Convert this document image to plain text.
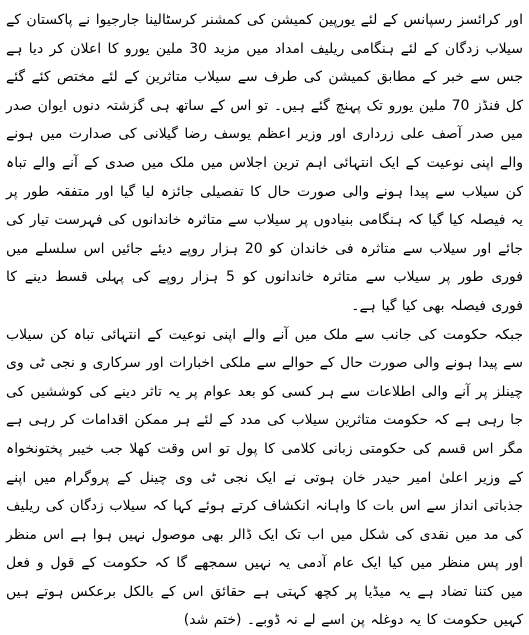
اور کرائسز رسپانس کے لئے یورپین کمیشن کی کمشنر کرسٹالینا جارجیوا نے پاکستان کے سیلاب زدگان کے لئے ہنگامی ریلیف امداد میں مزید 30 ملین یورو کا اعلان کر دیا ہے جس سے خبر کے مطابق کمیشن کی طرف سے سیلاب متاثرین کے لئے مختص کئے گئے کل فنڈز 70 ملین یورو تک پہنچ گئے ہیں۔ تو اس کے ساتھ ہی گزشتہ دنوں ایوان صدر میں صدر آصف علی زرداری اور وزیر اعظم یوسف رضا گیلانی کی صدارت میں ہونے والے اپنی نوعیت کے ایک انتہائی اہم ترین اجلاس میں ملک میں صدی کے آنے والے تباہ کن سیلاب سے پیدا ہونے والی صورت حال کا تفصیلی جائزہ لیا گیا اور متفقہ طور پر یہ فیصلہ کیا گیا کہ ہنگامی بنیادوں پر سیلاب سے متاثرہ خاندانوں کی فہرست تیار کی جائے اور سیلاب سے متاثرہ فی خاندان کو 20 ہزار روپے دیئے جائیں اس سلسلے میں فوری طور پر سیلاب سے متاثرہ خاندانوں کو 5 ہزار روپے کی پہلی قسط دینے کا فوری فیصلہ بھی کیا گیا ہے۔

جبکہ حکومت کی جانب سے ملک میں آنے والے اپنی نوعیت کے انتہائی تباہ کن سیلاب سے پیدا ہونے والی صورت حال کے حوالے سے ملکی اخبارات اور سرکاری و نجی ٹی وی چینلز پر آنے والی اطلاعات سے ہر کسی کو بعد عوام پر یہ تاثر دینے کی کوششیں کی جا رہی ہے کہ حکومت متاثرین سیلاب کی مدد کے لئے ہر ممکن اقدامات کر رہی ہے مگر اس قسم کی حکومتی زبانی کلامی کا پول تو اس وقت کھلا جب خیبر پختونخواہ کے وزیر اعلیٰ امیر حیدر خان ہوتی نے ایک نجی ٹی وی چینل کے پروگرام میں اپنے جذباتی انداز سے اس بات کا واہانہ انکشاف کرتے ہوئے کہا کہ سیلاب زدگان کی ریلیف کی مد میں نقدی کی شکل میں اب تک ایک ڈالر بھی موصول نہیں ہوا ہے اس منظر اور پس منظر میں کیا ایک عام آدمی یہ نہیں سمجھے گا کہ حکومت کے قول و فعل میں کتنا تضاد ہے یہ میڈیا پر کچھ کہتی ہے حقائق اس کے بالکل برعکس ہوتے ہیں کہیں حکومت کا یہ دوغلہ پن اسے لے نہ ڈوبے۔ (ختم شد)
